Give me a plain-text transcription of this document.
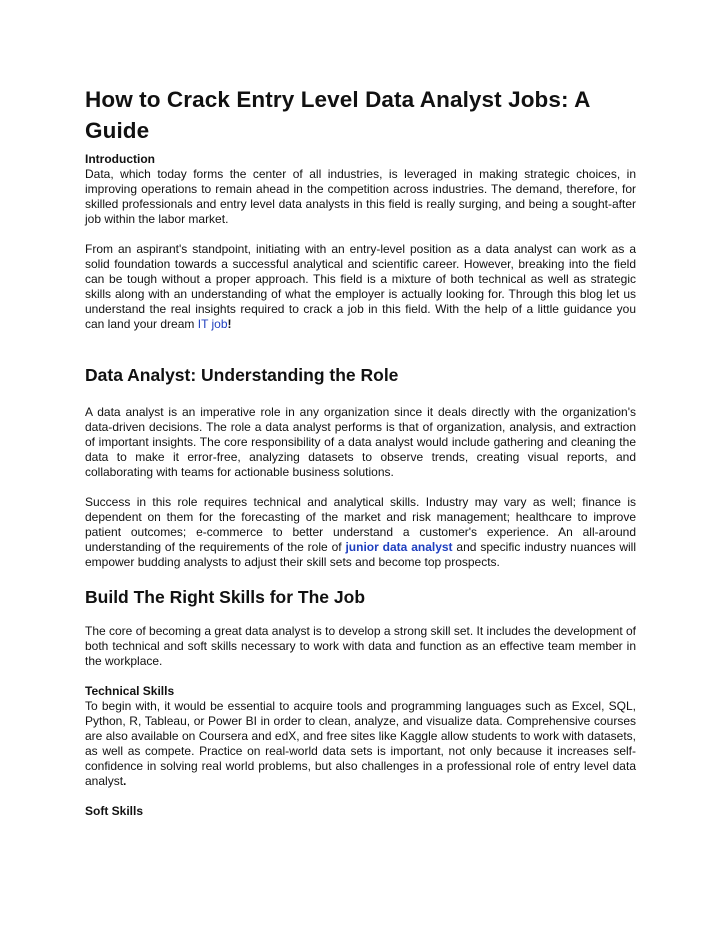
How to Crack Entry Level Data Analyst Jobs: A Guide
Introduction

Data, which today forms the center of all industries, is leveraged in making strategic choices, in improving operations to remain ahead in the competition across industries. The demand, therefore, for skilled professionals and entry level data analysts in this field is really surging, and being a sought-after job within the labor market.

From an aspirant's standpoint, initiating with an entry-level position as a data analyst can work as a solid foundation towards a successful analytical and scientific career. However, breaking into the field can be tough without a proper approach. This field is a mixture of both technical as well as strategic skills along with an understanding of what the employer is actually looking for. Through this blog let us understand the real insights required to crack a job in this field. With the help of a little guidance you can land your dream IT job!

Data Analyst: Understanding the Role

A data analyst is an imperative role in any organization since it deals directly with the organization's data-driven decisions. The role a data analyst performs is that of organization, analysis, and extraction of important insights. The core responsibility of a data analyst would include gathering and cleaning the data to make it error-free, analyzing datasets to observe trends, creating visual reports, and collaborating with teams for actionable business solutions.

Success in this role requires technical and analytical skills. Industry may vary as well; finance is dependent on them for the forecasting of the market and risk management; healthcare to improve patient outcomes; e-commerce to better understand a customer's experience. An all-around understanding of the requirements of the role of junior data analyst and specific industry nuances will empower budding analysts to adjust their skill sets and become top prospects.

Build The Right Skills for The Job

The core of becoming a great data analyst is to develop a strong skill set. It includes the development of both technical and soft skills necessary to work with data and function as an effective team member in the workplace.

Technical Skills

To begin with, it would be essential to acquire tools and programming languages such as Excel, SQL, Python, R, Tableau, or Power BI in order to clean, analyze, and visualize data. Comprehensive courses are also available on Coursera and edX, and free sites like Kaggle allow students to work with datasets, as well as compete. Practice on real-world data sets is important, not only because it increases self-confidence in solving real world problems, but also challenges in a professional role of entry level data analyst.

Soft Skills
